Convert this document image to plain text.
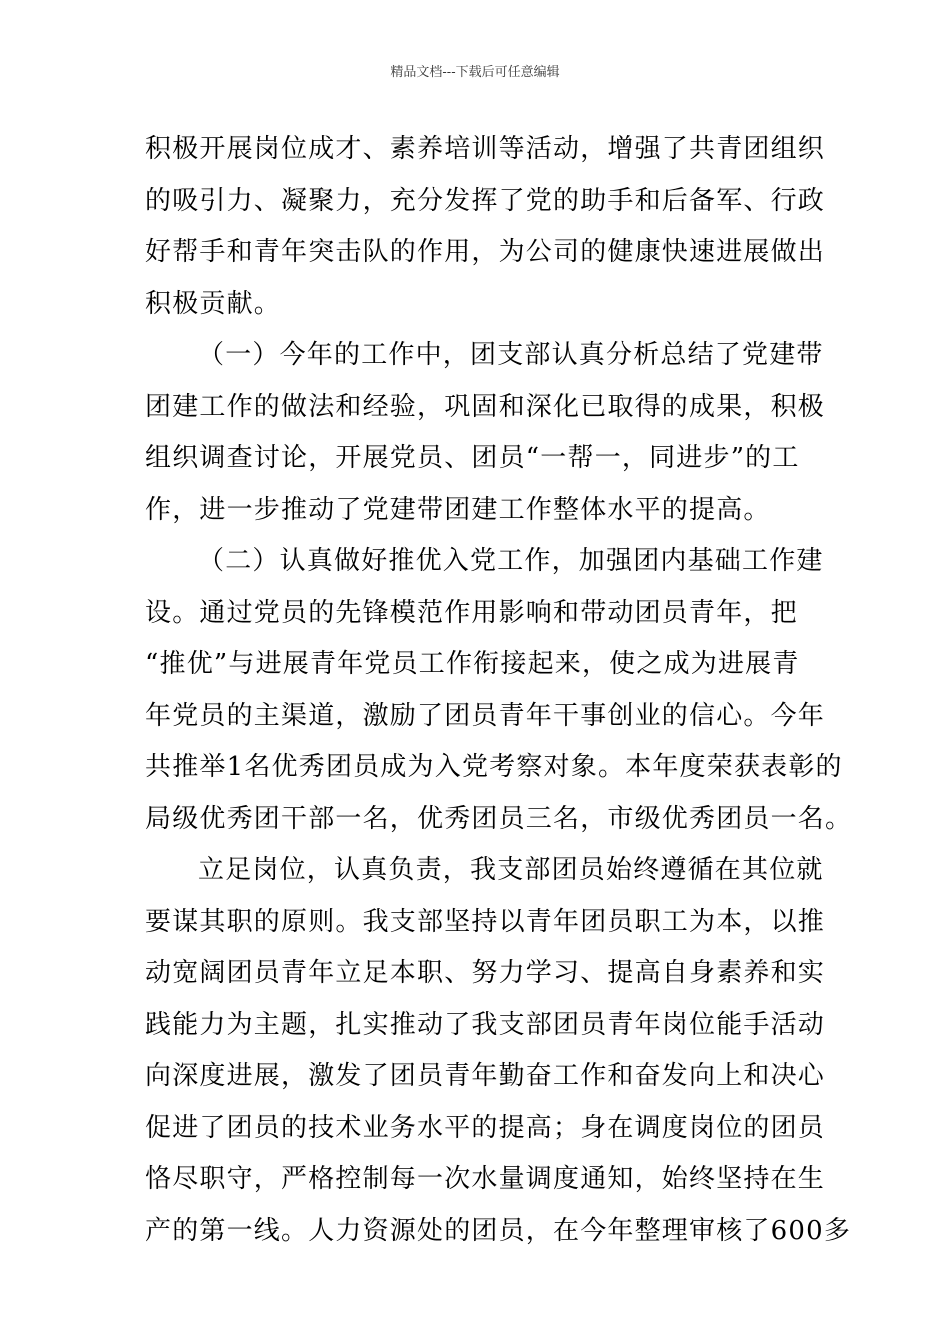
精品文档---下载后可任意编辑
积极开展岗位成才、素养培训等活动，增强了共青团组织
的吸引力、凝聚力，充分发挥了党的助手和后备军、行政
好帮手和青年突击队的作用，为公司的健康快速进展做出
积极贡献。
（一）今年的工作中，团支部认真分析总结了党建带
团建工作的做法和经验，巩固和深化已取得的成果，积极
组织调查讨论，开展党员、团员“一帮一，同进步”的工
作，进一步推动了党建带团建工作整体水平的提高。
（二）认真做好推优入党工作，加强团内基础工作建
设。通过党员的先锋模范作用影响和带动团员青年，把
“推优”与进展青年党员工作衔接起来，使之成为进展青
年党员的主渠道，激励了团员青年干事创业的信心。今年
共推举1名优秀团员成为入党考察对象。本年度荣获表彰的
局级优秀团干部一名，优秀团员三名，市级优秀团员一名。
立足岗位，认真负责，我支部团员始终遵循在其位就
要谋其职的原则。我支部坚持以青年团员职工为本，以推
动宽阔团员青年立足本职、努力学习、提高自身素养和实
践能力为主题，扎实推动了我支部团员青年岗位能手活动
向深度进展，激发了团员青年勤奋工作和奋发向上和决心
促进了团员的技术业务水平的提高；身在调度岗位的团员
恪尽职守，严格控制每一次水量调度通知，始终坚持在生
产的第一线。人力资源处的团员，在今年整理审核了600多
